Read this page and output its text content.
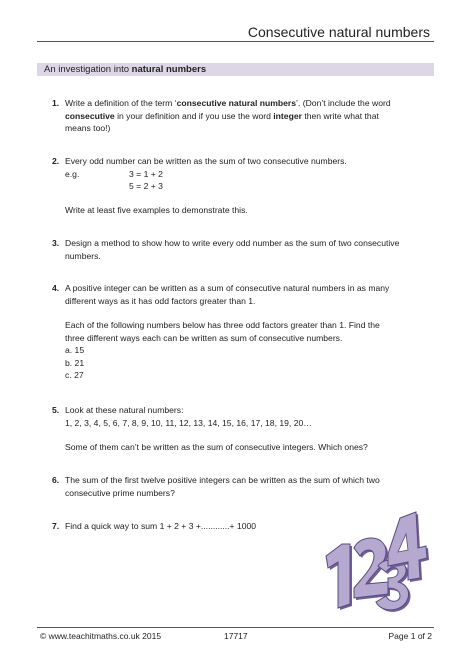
Consecutive natural numbers
An investigation into natural numbers
1. Write a definition of the term ‘consecutive natural numbers’. (Don’t include the word

consecutive in your definition and if you use the word integer then write what that

means too!)

2. Every odd number can be written as the sum of two consecutive numbers.

e.g.	3 = 1 + 2
5 = 2 + 3

Write at least five examples to demonstrate this.

3. Design a method to show how to write every odd number as the sum of two consecutive

numbers.

4. A positive integer can be written as a sum of consecutive natural numbers in as many

different ways as it has odd factors greater than 1.

Each of the following numbers below has three odd factors greater than 1. Find the

three different ways each can be written as sum of consecutive numbers.

a. 15
b. 21
c. 27
5. Look at these natural numbers:

1, 2, 3, 4, 5, 6, 7, 8, 9, 10, 11, 12, 13, 14, 15, 16, 17, 18, 19, 20…

Some of them can’t be written as the sum of consecutive integers. Which ones?

6. The sum of the first twelve positive integers can be written as the sum of which two

consecutive prime numbers?

7. Find a quick way to sum 1 + 2 + 3 +............+ 1000

© www.teachitmaths.co.uk 2015	17717	Page 1 of 2
